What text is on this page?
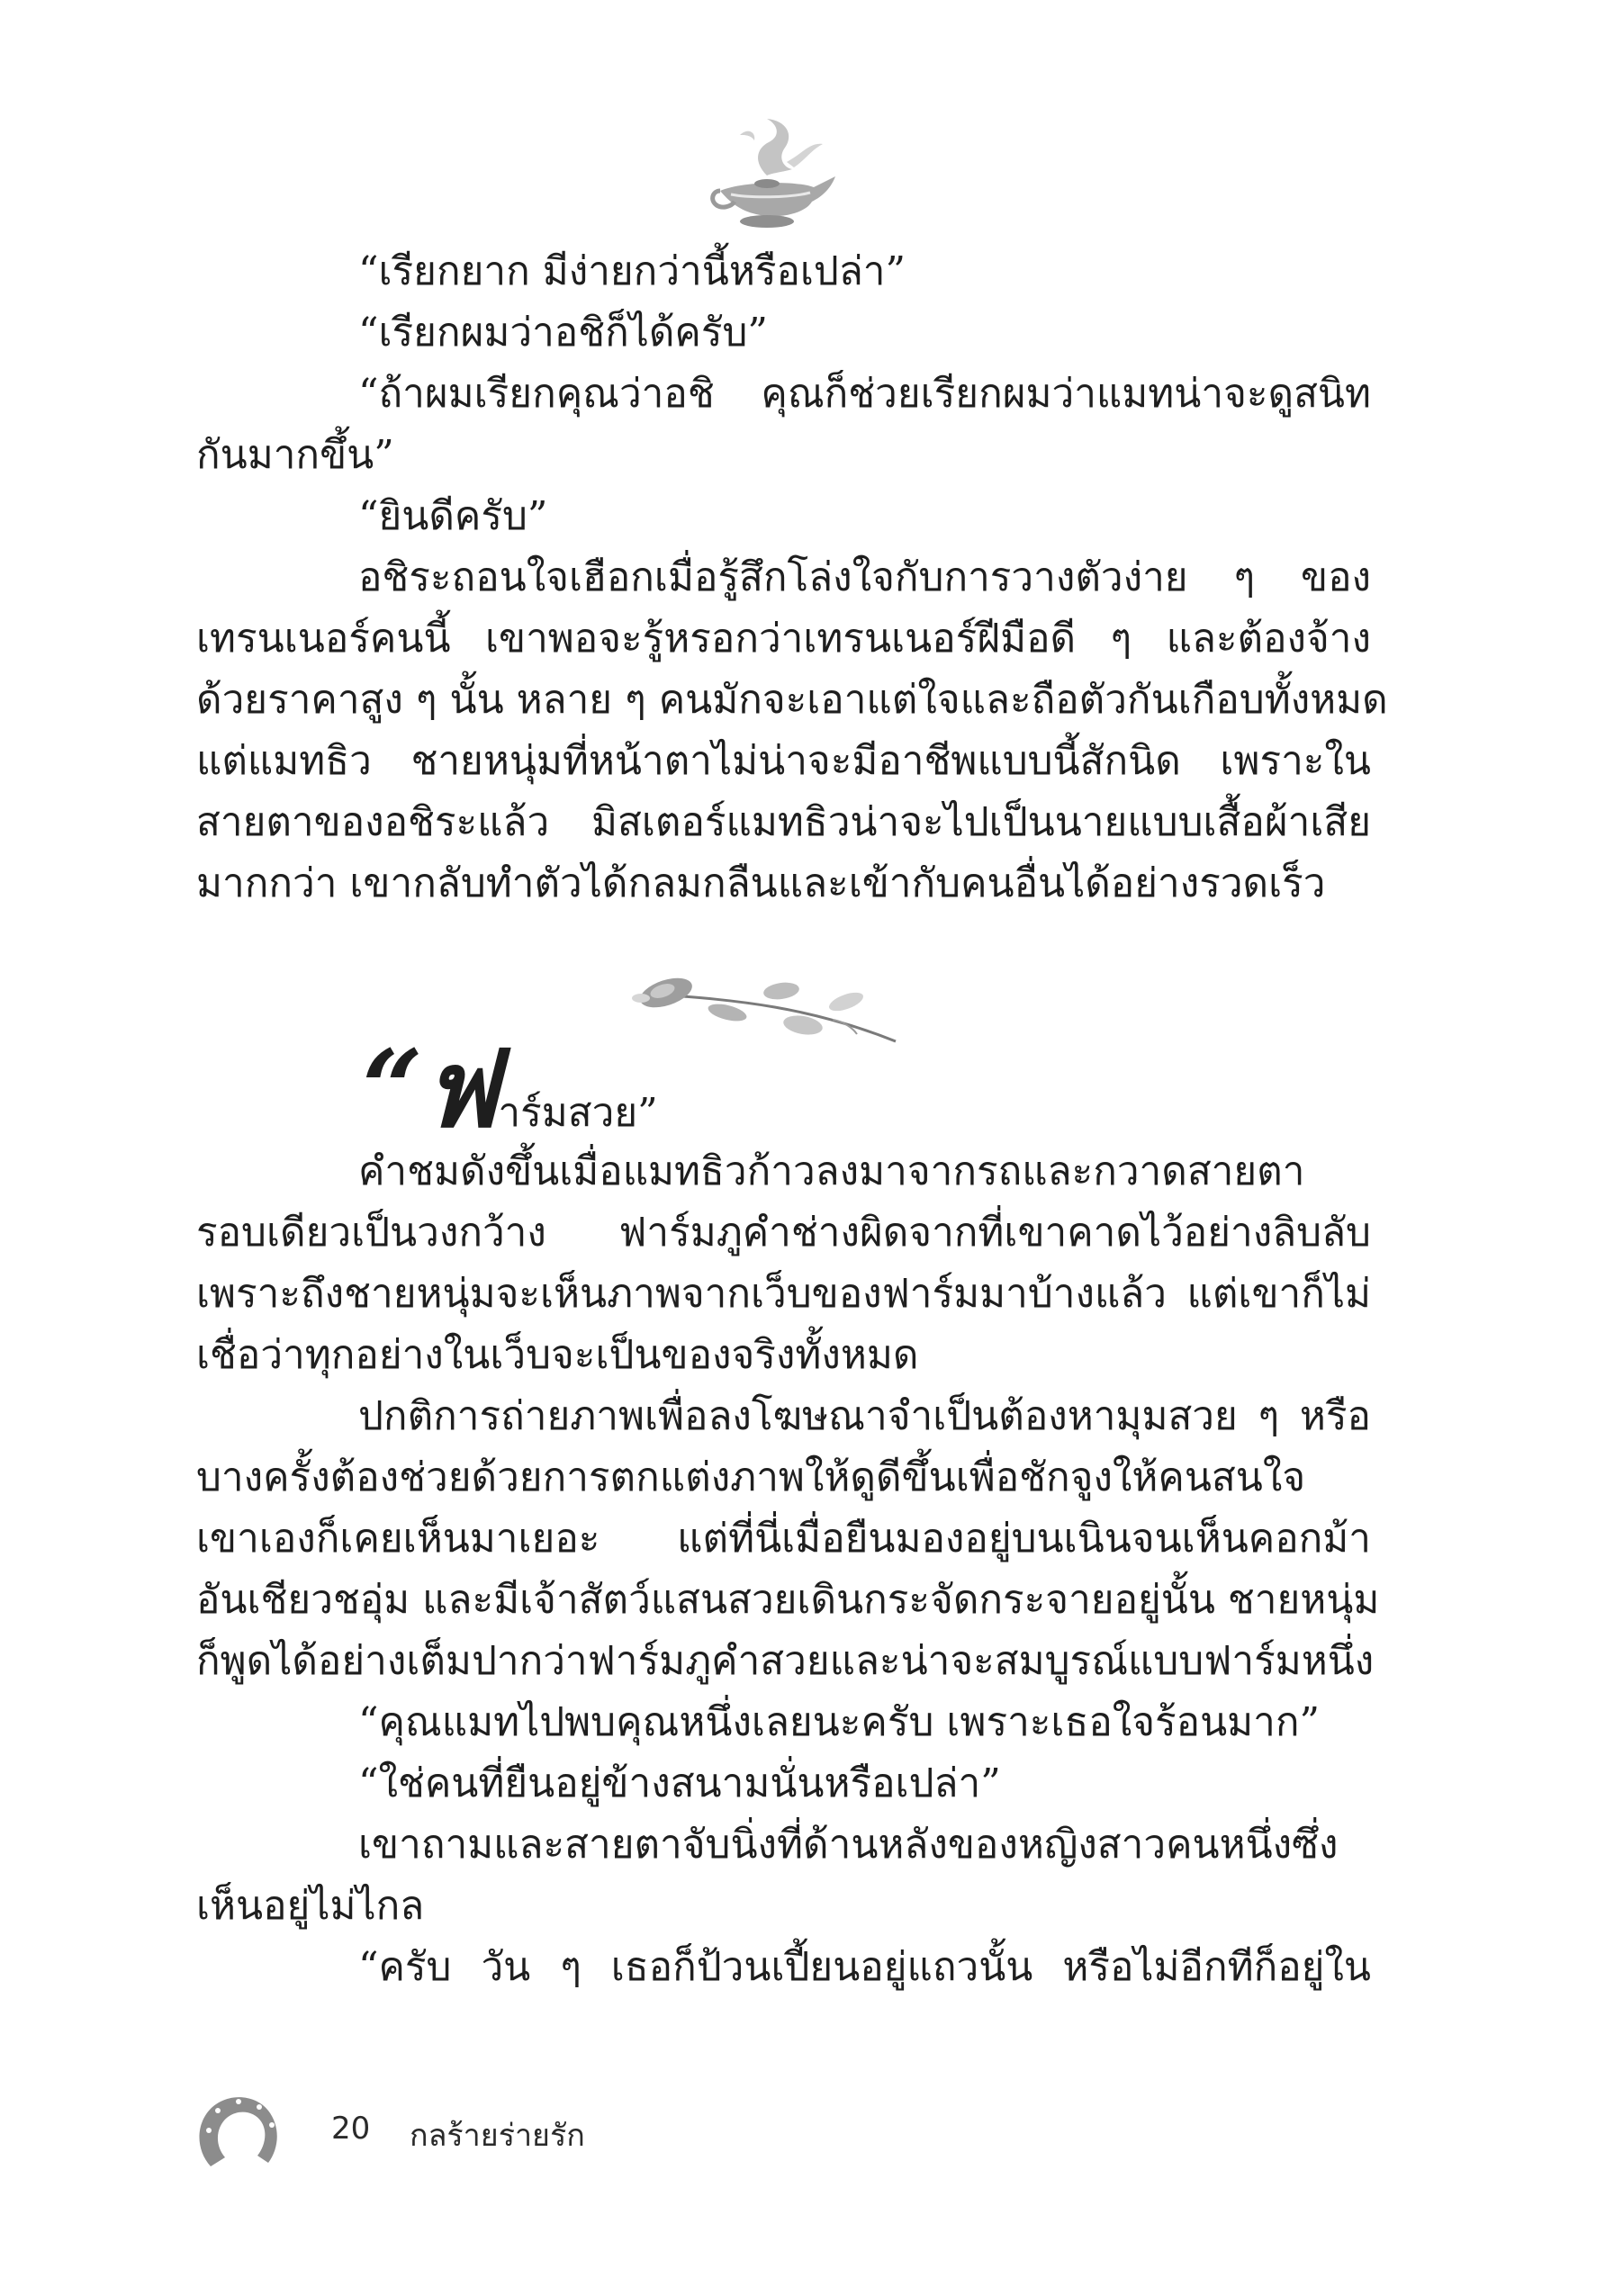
“เรียกยาก มีง่ายกว่านี้หรือเปล่า”

“เรียกผมว่าอชิก็ได้ครับ”

“ถ้าผมเรียกคุณว่าอชิ คุณก็ช่วยเรียกผมว่าแมทน่าจะดูสนิท

กันมากขึ้น”

“ยินดีครับ”

อชิระถอนใจเฮือกเมื่อรู้สึกโล่งใจกับการวางตัวง่าย ๆ ของ

เทรนเนอร์คนนี้ เขาพอจะรู้หรอกว่าเทรนเนอร์ฝีมือดี ๆ และต้องจ้าง

ด้วยราคาสูง ๆ นั้น หลาย ๆ คนมักจะเอาแต่ใจและถือตัวกันเกือบทั้งหมด

แต่แมทธิว ชายหนุ่มที่หน้าตาไม่น่าจะมีอาชีพแบบนี้สักนิด เพราะใน

สายตาของอชิระแล้ว มิสเตอร์แมทธิวน่าจะไปเป็นนายแบบเสื้อผ้าเสีย

มากกว่า เขากลับทำตัวได้กลมกลืนและเข้ากับคนอื่นได้อย่างรวดเร็ว

“ฟาร์มสวย”

คำชมดังขึ้นเมื่อแมทธิวก้าวลงมาจากรถและกวาดสายตา

รอบเดียวเป็นวงกว้าง ฟาร์มภูคำช่างผิดจากที่เขาคาดไว้อย่างลิบลับ

เพราะถึงชายหนุ่มจะเห็นภาพจากเว็บของฟาร์มมาบ้างแล้ว แต่เขาก็ไม่

เชื่อว่าทุกอย่างในเว็บจะเป็นของจริงทั้งหมด

ปกติการถ่ายภาพเพื่อลงโฆษณาจำเป็นต้องหามุมสวย ๆ หรือ

บางครั้งต้องช่วยด้วยการตกแต่งภาพให้ดูดีขึ้นเพื่อชักจูงให้คนสนใจ

เขาเองก็เคยเห็นมาเยอะ แต่ที่นี่เมื่อยืนมองอยู่บนเนินจนเห็นคอกม้า

อันเชียวชอุ่ม และมีเจ้าสัตว์แสนสวยเดินกระจัดกระจายอยู่นั้น ชายหนุ่ม

ก็พูดได้อย่างเต็มปากว่าฟาร์มภูคำสวยและน่าจะสมบูรณ์แบบฟาร์มหนึ่ง

“คุณแมทไปพบคุณหนึ่งเลยนะครับ เพราะเธอใจร้อนมาก”

“ใช่คนที่ยืนอยู่ข้างสนามนั่นหรือเปล่า”

เขาถามและสายตาจับนิ่งที่ด้านหลังของหญิงสาวคนหนึ่งซึ่ง

เห็นอยู่ไม่ไกล

“ครับ วัน ๆ เธอก็ป้วนเปี้ยนอยู่แถวนั้น หรือไม่อีกทีก็อยู่ใน

20 กลร้ายร่ายรัก
